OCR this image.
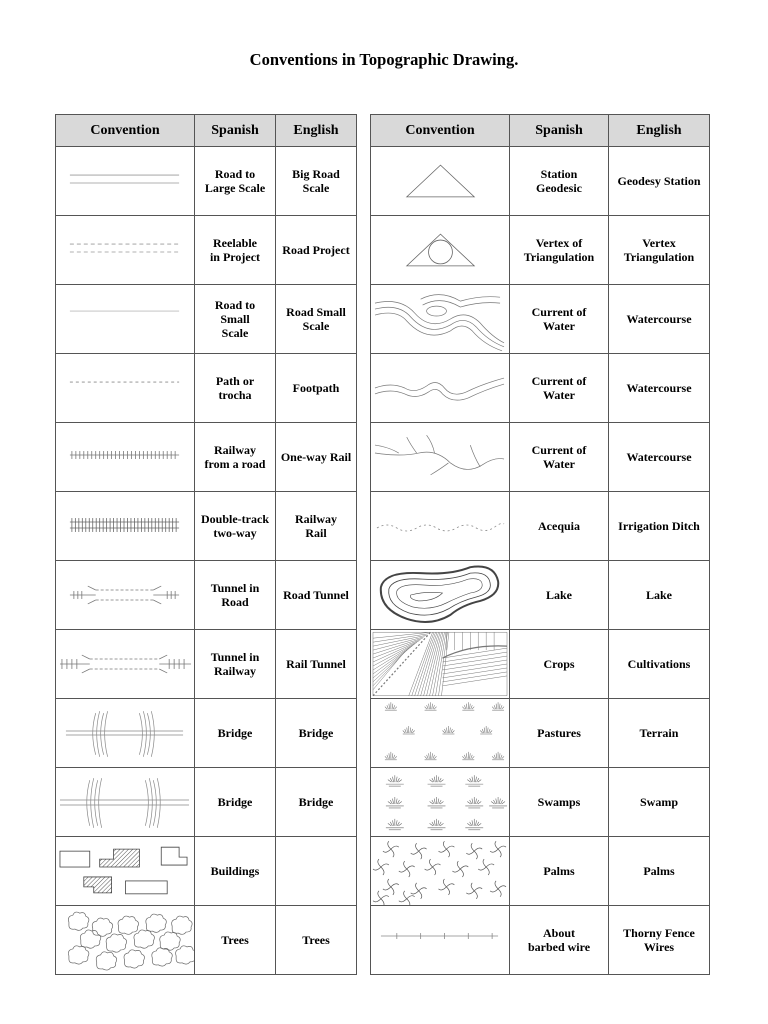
Conventions in Topographic Drawing.
Convention	Spanish	English

	Road to
Large Scale	Big Road
Scale

	Reelable
in Project	Road Project

	Road to
Small
Scale	Road Small
Scale

	Path or
trocha	Footpath

	Railway
from a road	One-way Rail

	Double-track
two-way	Railway
Rail

	Tunnel in
Road	Road Tunnel

	Tunnel in
Railway	Rail Tunnel

	Bridge	Bridge

	Bridge	Bridge

	Buildings	

	Trees	Trees
Convention	Spanish	English

	Station
Geodesic	Geodesy Station

	Vertex of
Triangulation	Vertex
Triangulation

	Current of
Water	Watercourse

	Current of
Water	Watercourse

	Current of
Water	Watercourse

	Acequia	Irrigation Ditch

	Lake	Lake

	Crops	Cultivations

	Pastures	Terrain

	Swamps	Swamp

	Palms	Palms

	About
barbed wire	Thorny Fence
Wires
